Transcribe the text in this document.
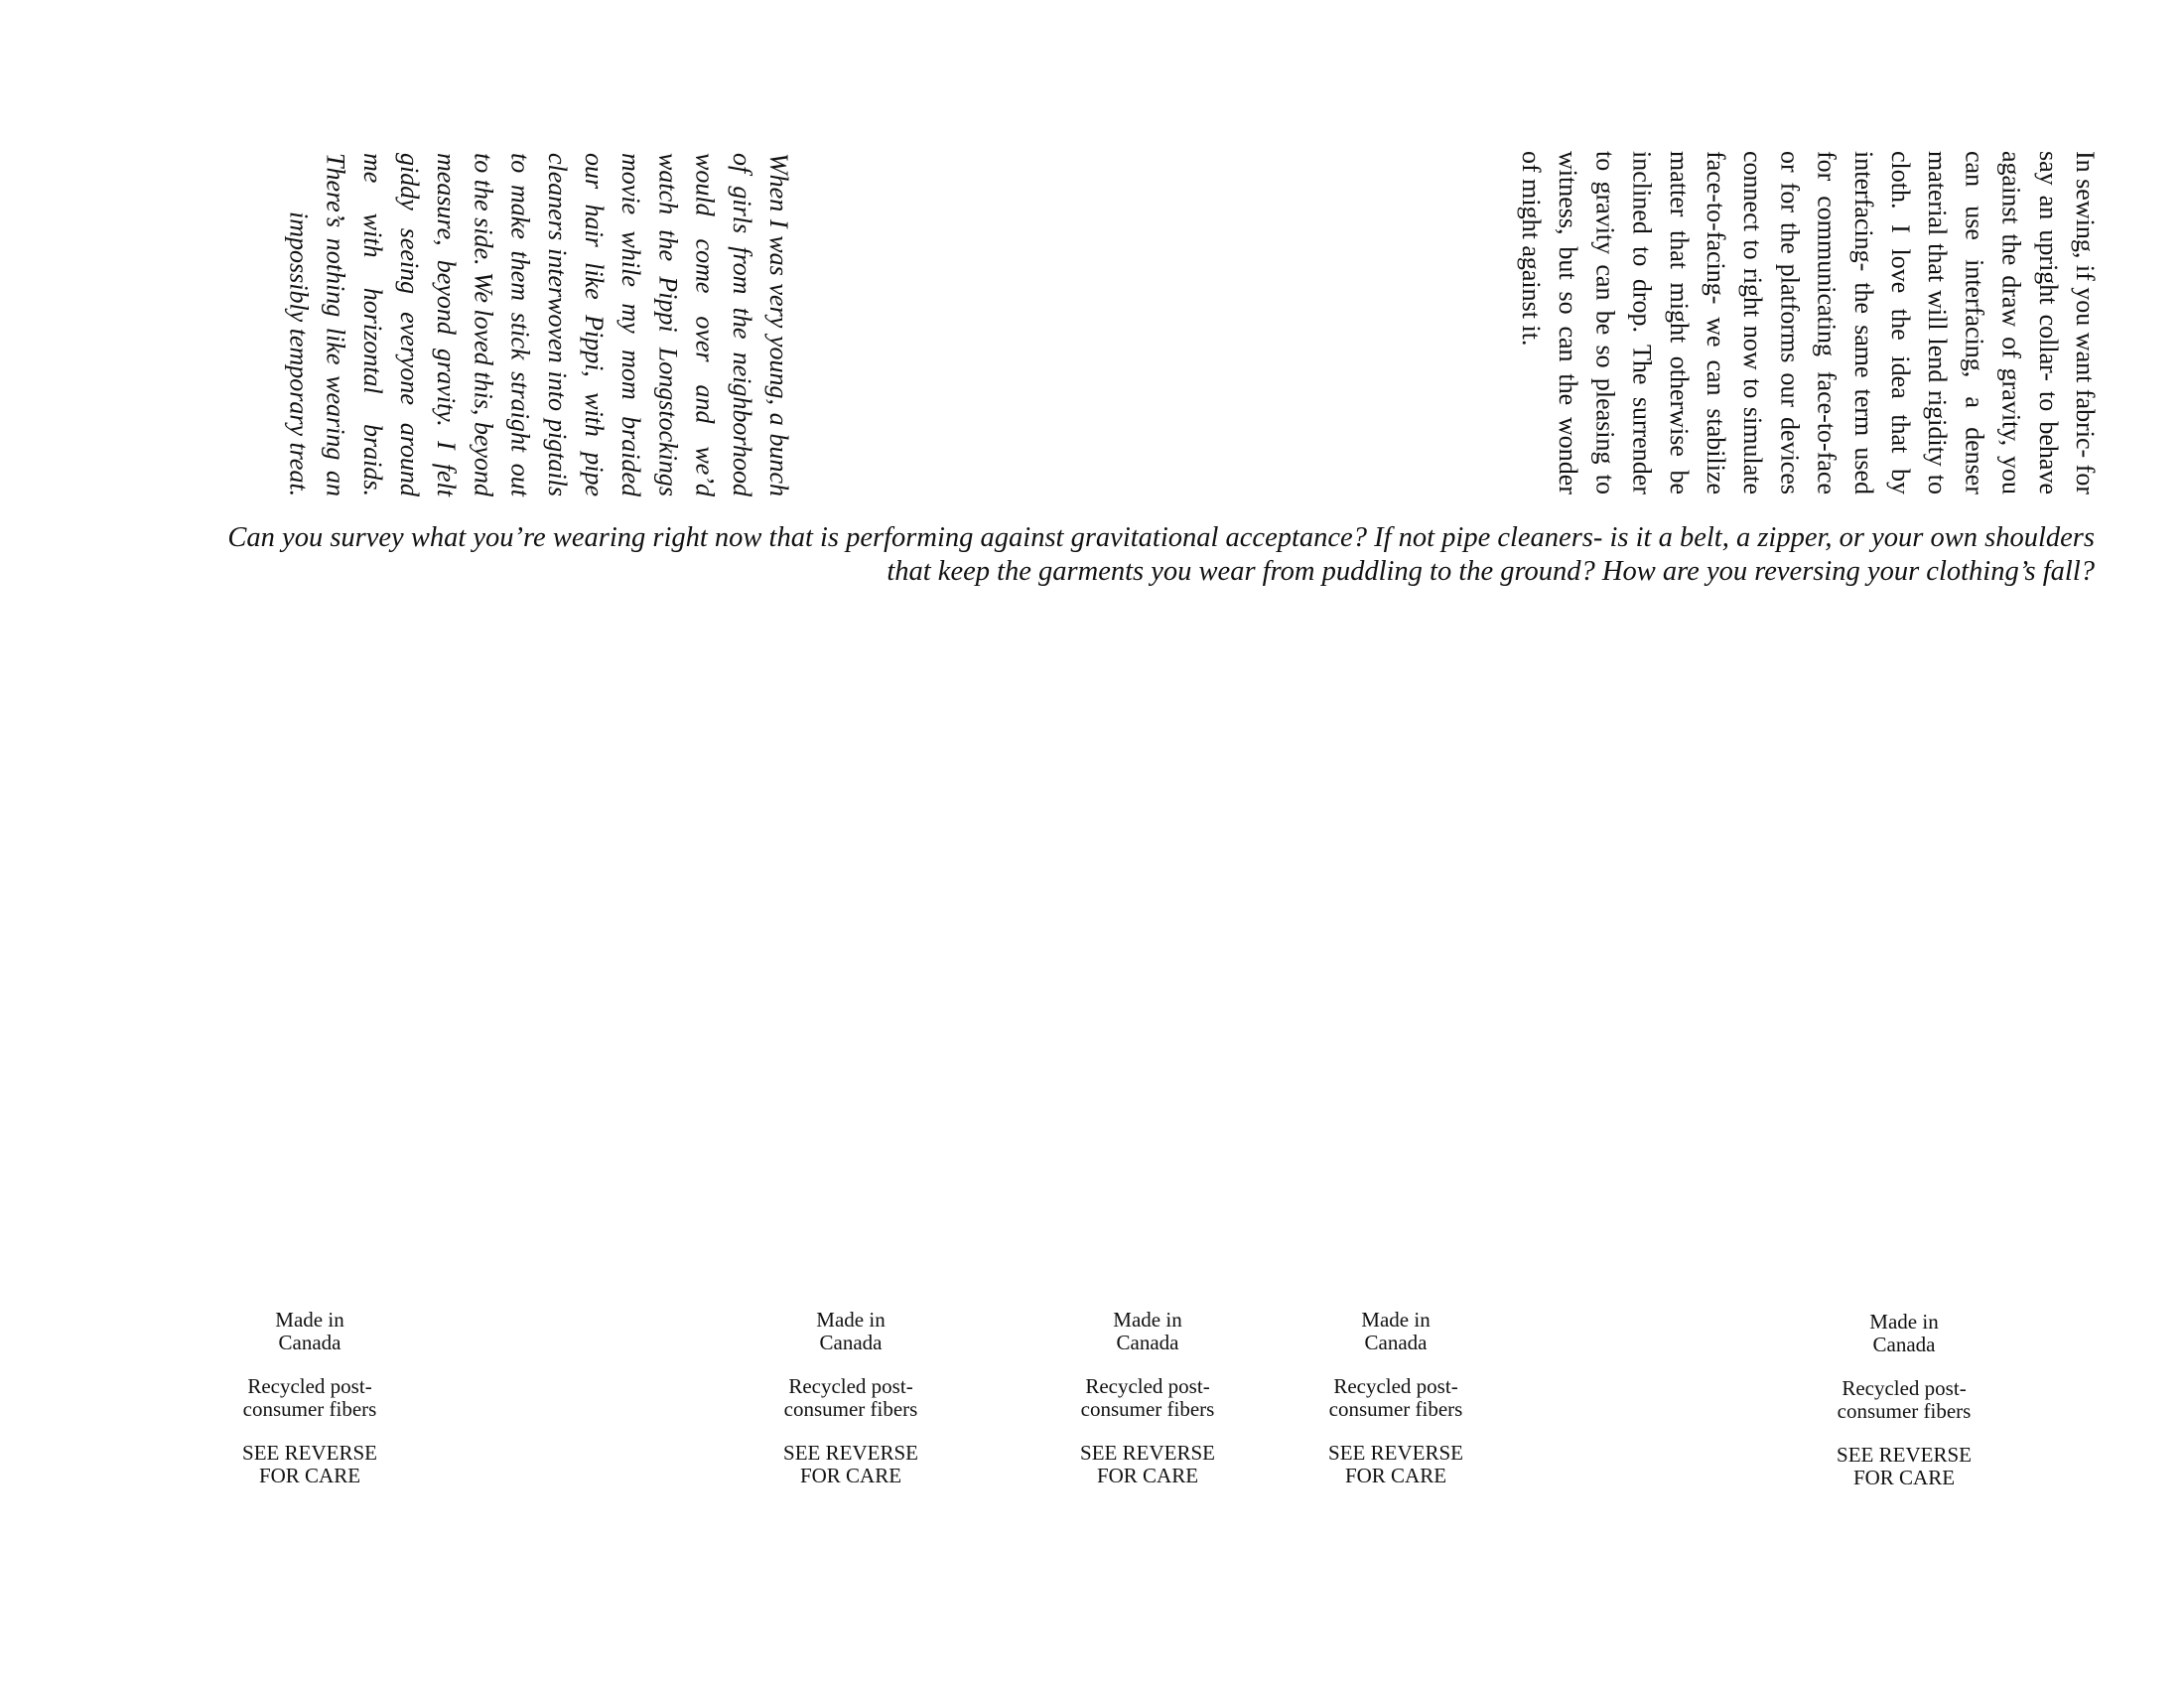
In sewing, if you want fabric- for say an upright collar- to behave against the draw of gravity, you can use interfacing, a denser material that will lend rigidity to cloth. I love the idea that by interfacing- the same term used for communicating face-to-face or for the platforms our devices connect to right now to simulate face-to-facing- we can stabilize matter that might otherwise be inclined to drop. The surrender to gravity can be so pleasing to witness, but so can the wonder of might against it.
When I was very young, a bunch of girls from the neighborhood would come over and we’d watch the Pippi Longstockings movie while my mom braided our hair like Pippi, with pipe cleaners interwoven into pigtails to make them stick straight out to the side. We loved this, beyond measure, beyond gravity. I felt giddy seeing everyone around me with horizontal braids. There’s nothing like wearing an impossibly temporary treat.
Can you survey what you’re wearing right now that is performing against gravitational acceptance? If not pipe cleaners- is it a belt, a zipper, or your own shoulders that keep the garments you wear from puddling to the ground? How are you reversing your clothing’s fall?

Made in
Canada

Recycled post-
consumer fibers

SEE REVERSE
FOR CARE

Made in
Canada

Recycled post-
consumer fibers

SEE REVERSE
FOR CARE

Made in
Canada

Recycled post-
consumer fibers

SEE REVERSE
FOR CARE

Made in
Canada

Recycled post-
consumer fibers

SEE REVERSE
FOR CARE

Made in
Canada

Recycled post-
consumer fibers

SEE REVERSE
FOR CARE
